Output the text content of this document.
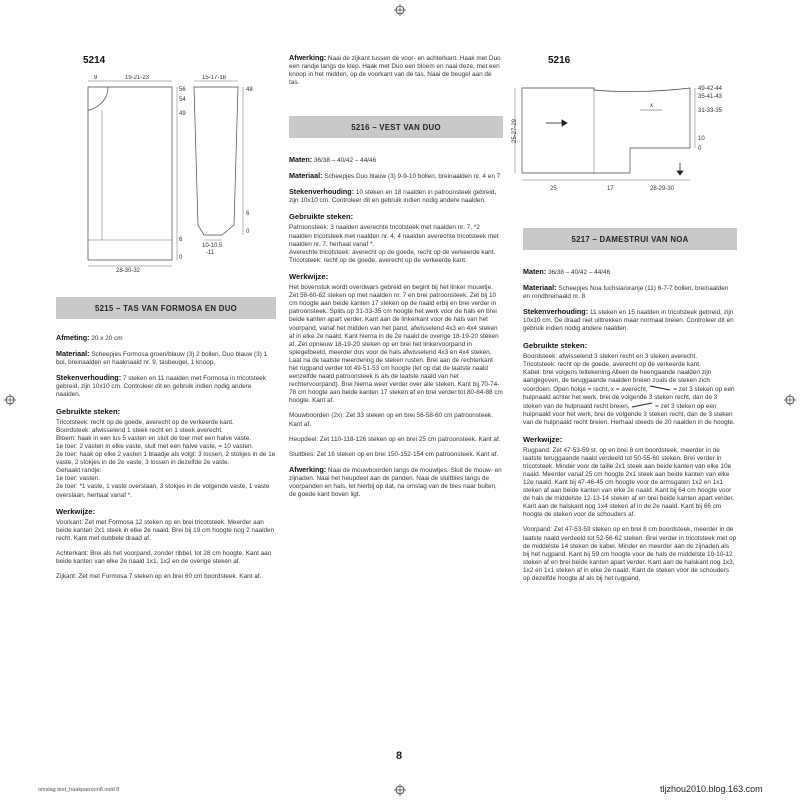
5214
9	19-21-23
56
54
49
6
0
28-30-32
15-17-18
48
6
0
10-10.5
-11
5215 – TAS VAN FORMOSA EN DUO

Afmeting: 20 x 20 cm

Materiaal: Scheepjes Formosa groen/blauw (3) 2 bollen, Duo blauw (3) 1 bol, breinaalden en haaknaald nr. 9, tasbeugel, 1 knoop.

Stekenverhouding: 7 steken en 11 naalden met Formosa in tricotsteek gebreid, zijn 10x10 cm. Controleer dit en gebruik indien nodig andere naalden.

Gebruikte steken:
Tricotsteek: recht op de goede, averecht op de verkeerde kant.
Boordsteek: afwisselend 1 steek recht en 1 steek averecht.
Bloem: haak in een lus 5 vasten en sluit de toer met een halve vaste.
1e toer: 2 vasten in elke vaste, sluit met een halve vaste, = 10 vasten.
2e toer: haak op elke 2 vasten 1 blaadje als volgt: 3 lossen, 2 stokjes in de 1e vaste, 2 stokjes in de 2e vaste, 3 lossen in dezelfde 2e vaste.
Gehaakt randje:
1e toer: vasten.
2e toer: *1 vaste, 1 vaste overslaan, 3 stokjes in de volgende vaste, 1 vaste overslaan, herhaal vanaf *.
Werkwijze:

Voorkant: Zet met Formosa 12 steken op en brei tricotsteek. Meerder aan beide kanten 2x1 steek in elke 2e naald. Brei bij 19 cm hoogte nog 2 naalden recht. Kant met dubbele draad af.

Achterkant: Brei als het voorpand, zonder ribbel, tot 28 cm hoogte. Kant aan beide kanten van elke 2e naald 1x1, 1x2 en de overige steken af.

Zijkant: Zet met Formosa 7 steken op en brei 60 cm boordsteek. Kant af.

Afwerking: Naai de zijkant tussen de voor- en achterkant. Haak met Duo een randje langs de klep. Haak met Duo een bloem en naai deze, met een knoop in het midden, op de voorkant van de tas. Naai de beugel aan de tas.

5216 – VEST VAN DUO

Maten: 36/38 – 40/42 – 44/46

Materiaal: Scheepjes Duo blauw (3) 9-9-10 bollen, breinaalden nr. 4 en 7

Stekenverhouding: 10 steken en 18 naalden in patroonsteek gebreid, zijn 10x10 cm. Controleer dit en gebruik indien nodig andere naalden.

Gebruikte steken:
Patroonsteek: 3 naalden averechte tricotsteek met naalden nr. 7, *2 naalden tricotsteek met naalden nr. 4, 4 naalden averechte tricotsteek met naalden nr. 7, herhaal vanaf *.
Averechte tricotsteek: averecht op de goede, recht op de verkeerde kant.
Tricotsteek: recht op de goede, averecht op de verkeerde kant.
Werkwijze:
Het bovenstuk wordt overdwars gebreid en begint bij het linker mouwtje.
Zet 58-60-62 steken op met naalden nr. 7 en brei patroonsteek. Zet bij 10 cm hoogte aan beide kanten 17 steken op de naald erbij en brei verder in patroonsteek. Splits op 31-33-35 cm hoogte het werk voor de hals en brei beide kanten apart verder. Kant aan de linkerkant voor de hals van het voorpand, vanaf het midden van het pand, afwisselend 4x3 en 4x4 steken af in elke 2e naald. Kant hierna in de 2e naald de overige 18-19-20 steken af. Zet opnieuw 18-19-20 steken op en brei het linkervoorpand in spiegelbeeld, meerder dus voor de hals afwisselend 4x3 en 4x4 steken. Laat na de laatste meerdering de steken rusten. Brei aan de rechterkant het rugpand verder tot 49-51-53 cm hoogte (let op dat de laatste naald eenzelfde naald patroonsteek is als de laatste naald van het rechtervoorpand). Brei hierna weer verder over alle steken. Kant bij 70-74-78 cm hoogte aan beide kanten 17 steken af en brei verder tot 80-84-88 cm hoogte. Kant af.

Mouwboorden (2x): Zet 33 steken op en brei 56-58-60 cm patroonsteek. Kant af.

Heupdeel: Zet 110-118-126 steken op en brei 25 cm patroonsteek. Kant af.

Sluitbies: Zet 16 steken op en brei 150-152-154 cm patroonsteek. Kant af.

Afwerking: Naai de mouwboorden langs de mouwtjes. Sluit de mouw- en zijnaden. Naai het heupdeel aan de panden. Naai de sluitbies langs de voorpanden en hals, let hierbij op dat, na omslag van de bies naar buiten, de goede kant boven ligt.

5216
x
25-27-29
49-42-44
35-41-43
31-33-35
10
0
25	17	28-29-30
5217 – DAMESTRUI VAN NOA

Maten: 36/38 – 40/42 – 44/46

Materiaal: Scheepjes Noa fuchsia/oranje (11) 6-7-7 bollen, breinaalden en rondbreinaald nr. 8

Stekenverhouding: 11 steken en 15 naalden in tricotsteek gebreid, zijn 10x10 cm. De draad niet uittrekken maar normaal breien. Controleer dit en gebruik indien nodig andere naalden.

Gebruikte steken:
Boordsteek: afwisselend 3 steken recht en 3 steken averecht.
Tricotsteek: recht op de goede, averecht op de verkeerde kant.
Kabel: brei volgens teltekening Alleen de heengaande naalden zijn aangegeven, de teruggaande naalden breien zoals de steken zich voordoen. Open hokje = recht, x = averecht,	= zet 3 steken op een hulpnaald achter het werk, brei de volgende 3 steken recht, dan de 3 steken van de hulpnaald recht breien,	= zet 3 steken op een hulpnaald voor het werk, brei de volgende 3 steken recht, dan de 3 steken van de hulpnaald recht breien. Herhaal steeds de 20 naalden in de hoogte.
Werkwijze:

Rugpand: Zet 47-53-59 st. op en brei 8 cm boordsteek, meerder in de laatste teruggaande naald verdeeld tot 50-55-60 steken. Brei verder in tricotsteek. Minder voor de taille 2x1 steek aan beide kanten van elke 10e naald. Meerder vanaf 25 cm hoogte 2x1 steek aan beide kanten van elke 12e naald. Kant bij 47-46-45 cm hoogte voor de armsgaten 1x2 en 1x1 steken af aan beide kanten van elke 2e naald. Kant bij 64 cm hoogte voor de hals de middelste 12-13-14 steken af en brei beide kanten apart verder. Kant aan de halskant nog 1x4 steken af in de 2e naald. Kant bij 66 cm hoogte de steken voor de schouders af.

Voorpand: Zet 47-53-59 steken op en brei 8 cm boordsteek, meerder in de laatste naald verdeeld tot 52-56-62 steken. Brei verder in tricotsteek met op de middelste 14 steken de kabel. Minder en meerder aan de zijnaden als bij het rugpand. Kant bij 59 cm hoogte voor de hals de middelste 10-10-12 steken af en brei beide kanten apart verder. Kant aan de halskant nog 1x3, 1x2 en 1x1 steken af in elke 2e naald. Kant de steken voor de schouders op dezelfde hoogte af als bij het rugpand.

8
omslag text_haakpatroon8.indd 8	tljzhou2010.blog.163.com
